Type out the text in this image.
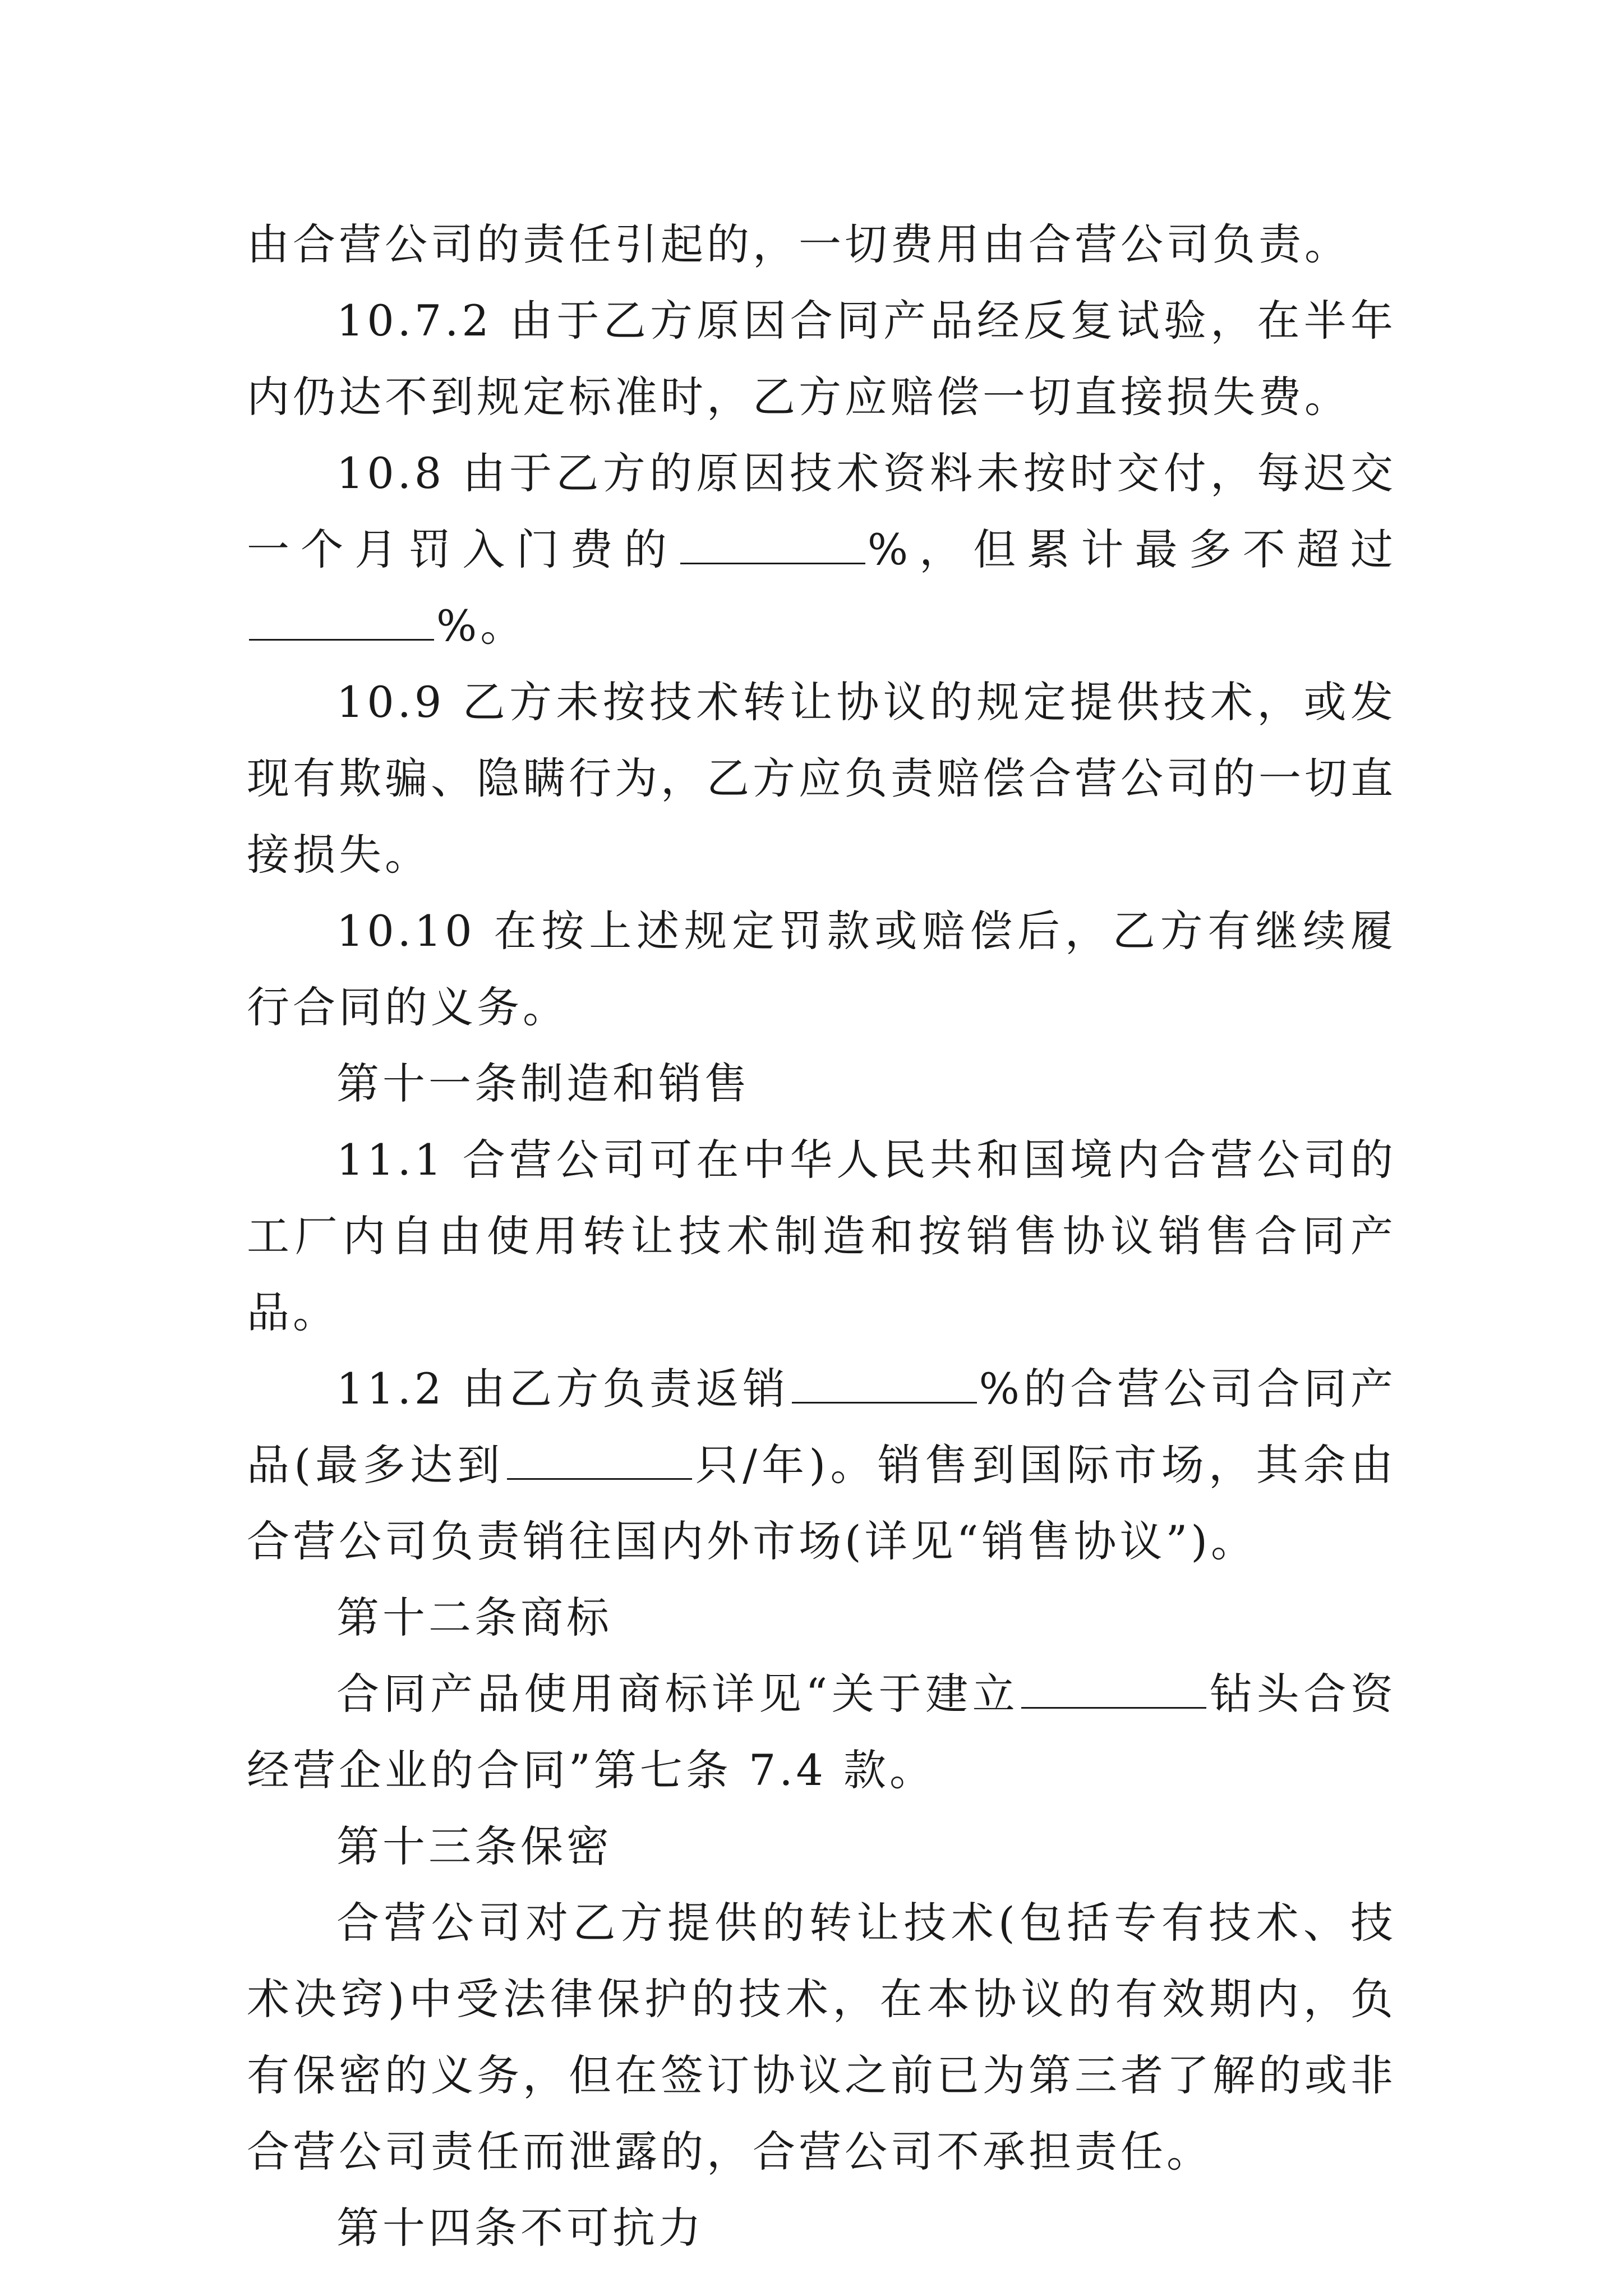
由合营公司的责任引起的，一切费用由合营公司负责。

10.7.2 由于乙方原因合同产品经反复试验，在半年内仍达不到规定标准时，乙方应赔偿一切直接损失费。

10.8 由于乙方的原因技术资料未按时交付，每迟交一个月罚入门费的	%，但累计最多不超过%。

10.9 乙方未按技术转让协议的规定提供技术，或发现有欺骗、隐瞒行为，乙方应负责赔偿合营公司的一切直接损失。

10.10 在按上述规定罚款或赔偿后，乙方有继续履行合同的义务。

第十一条制造和销售

11.1 合营公司可在中华人民共和国境内合营公司的工厂内自由使用转让技术制造和按销售协议销售合同产品。

11.2 由乙方负责返销	%的合营公司合同产品(最多达到	只/年)。销售到国际市场，其余由合营公司负责销往国内外市场(详见“销售协议”)。

第十二条商标

合同产品使用商标详见“关于建立	钻头合资经营企业的合同”第七条 7.4 款。

第十三条保密

合营公司对乙方提供的转让技术(包括专有技术、技术决窍)中受法律保护的技术，在本协议的有效期内，负有保密的义务，但在签订协议之前已为第三者了解的或非合营公司责任而泄露的，合营公司不承担责任。

第十四条不可抗力
